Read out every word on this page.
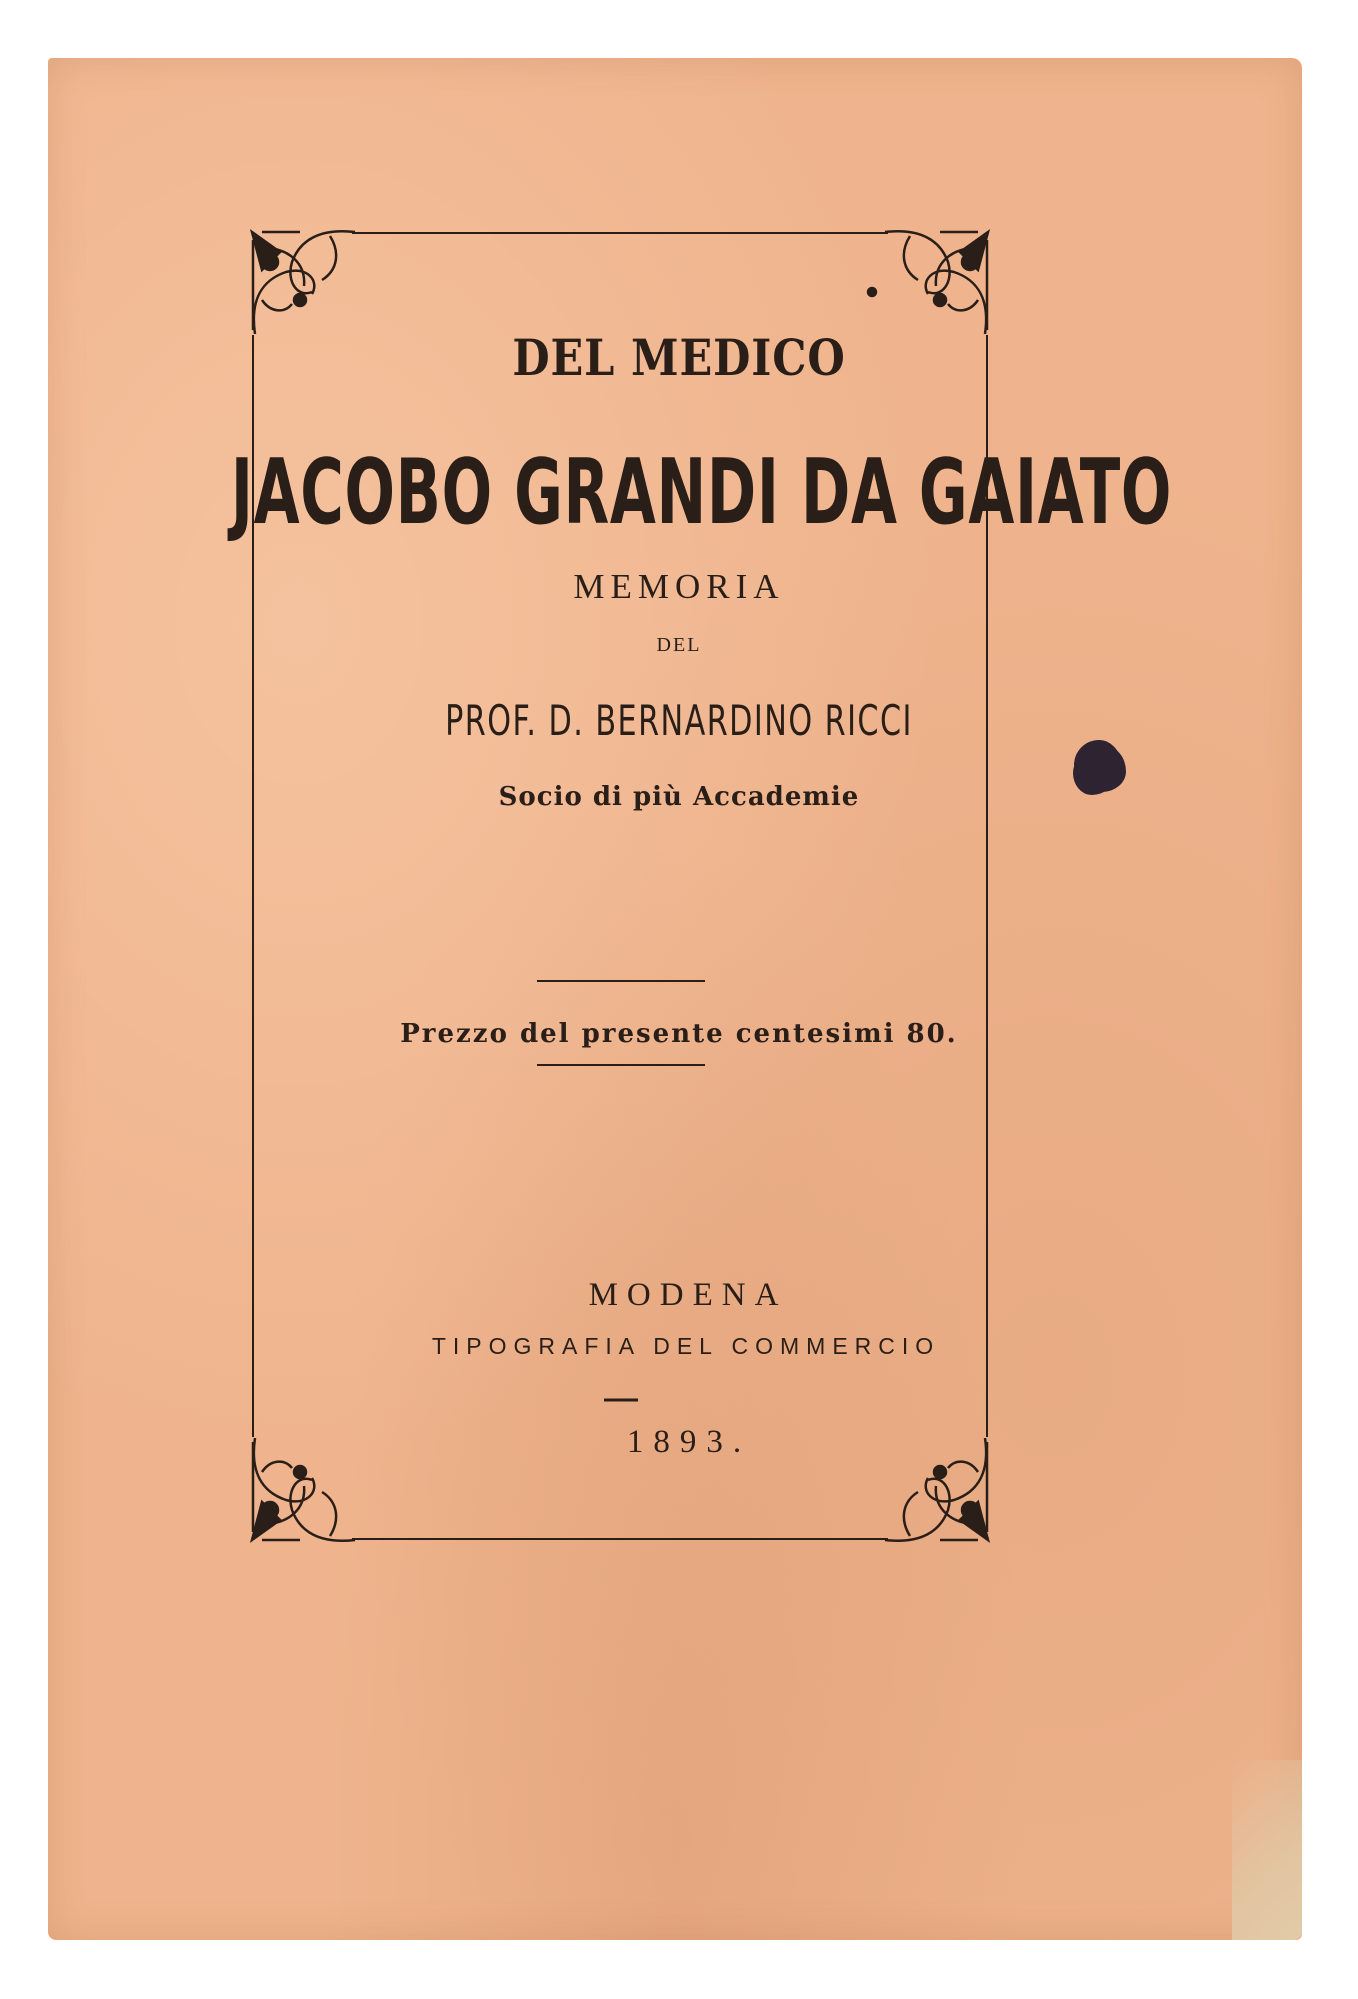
DEL MEDICO

JACOBO GRANDI DA GAIATO

MEMORIA

DEL

PROF. D. BERNARDINO RICCI

Socio di più Accademie

Prezzo del presente centesimi 80.

MODENA

TIPOGRAFIA DEL COMMERCIO

1893.
